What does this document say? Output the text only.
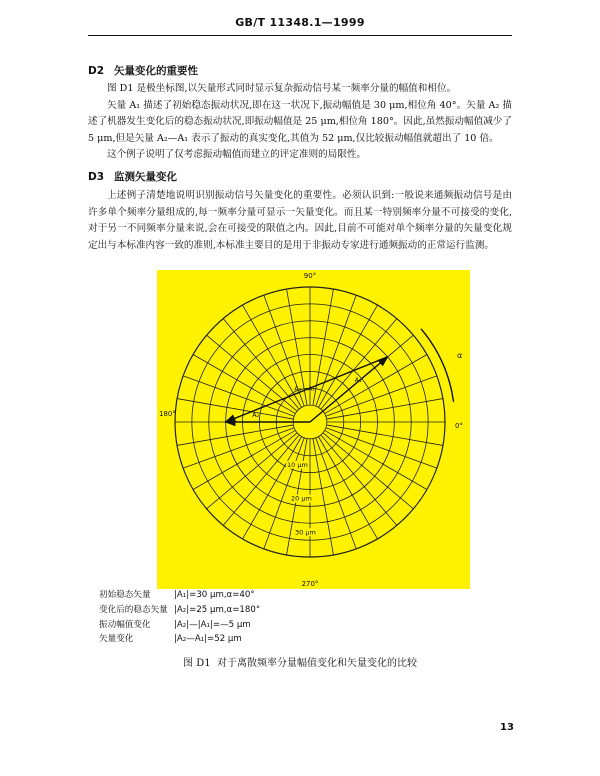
GB/T 11348.1—1999
D2 矢量变化的重要性

图 D1 是极坐标图,以矢量形式同时显示复杂振动信号某一频率分量的幅值和相位。

矢量 A₁ 描述了初始稳态振动状况,即在这一状况下,振动幅值是 30 μm,相位角 40°。矢量 A₂ 描述了机器发生变化后的稳态振动状况,即振动幅值是 25 μm,相位角 180°。因此,虽然振动幅值减少了 5 μm,但是矢量 A₂—A₁ 表示了振动的真实变化,其值为 52 μm,仅比较振动幅值就超出了 10 倍。

这个例子说明了仅考虑振动幅值而建立的评定准则的局限性。

D3 监测矢量变化

上述例子清楚地说明识别振动信号矢量变化的重要性。必须认识到:一般说来通频振动信号是由许多单个频率分量组成的,每一频率分量可显示一矢量变化。而且某一特别频率分量不可接受的变化,对于另一不同频率分量来说,会在可接受的限值之内。因此,目前不可能对单个频率分量的矢量变化规定出与本标准内容一致的准则,本标准主要目的是用于非振动专家进行通频振动的正常运行监测。

90°
270°
180°
0°
10 μm
20 μm
30 μm
α
A₁
A₂
A₂—A₁
初始稳态矢量	|A₁|=30 μm,α=40°
变化后的稳态矢量 |A₂|=25 μm,α=180°
振动幅值变化	|A₂|—|A₁|=—5 μm
矢量变化	|A₂—A₁|=52 μm
图 D1 对于离散频率分量幅值变化和矢量变化的比较
13
